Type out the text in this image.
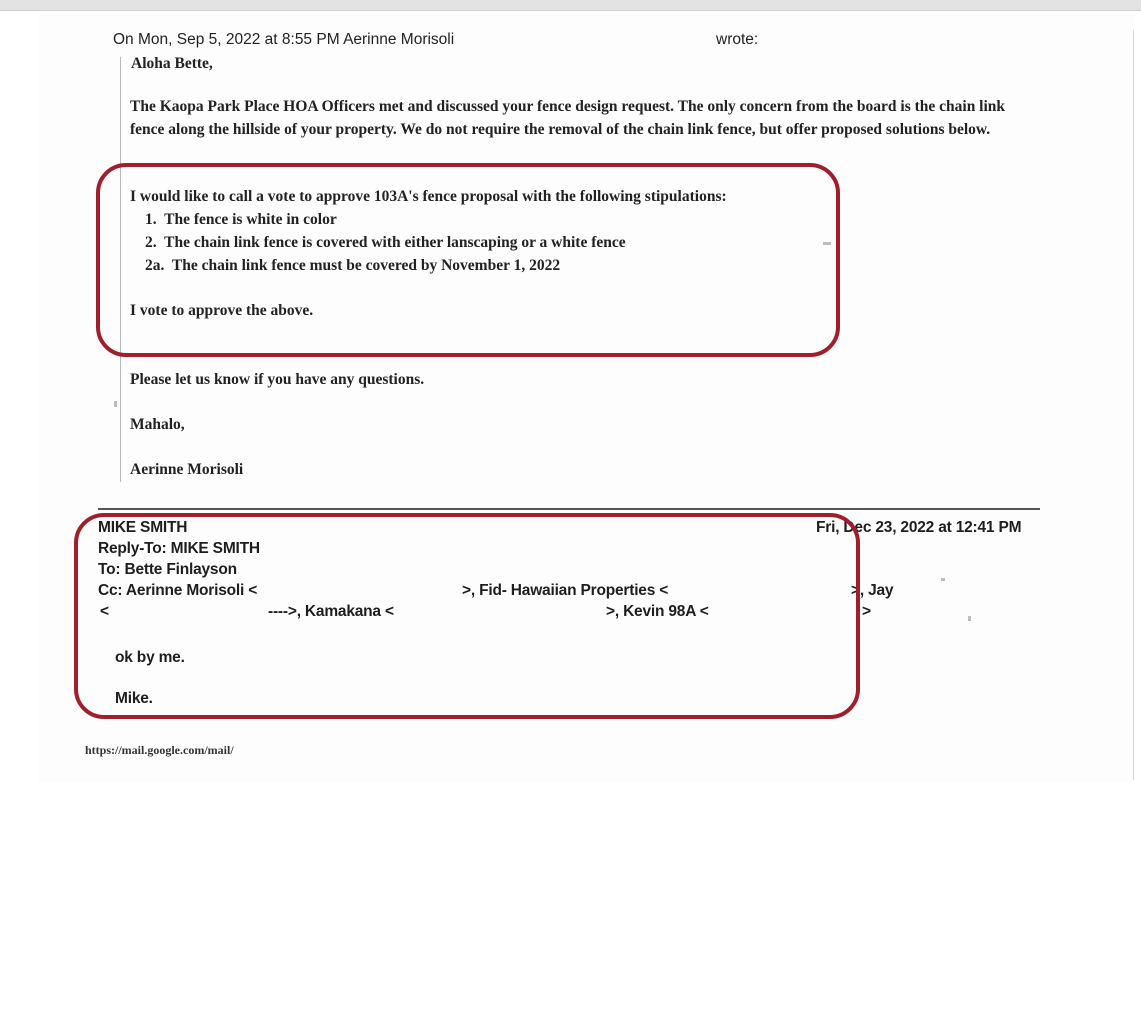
On Mon, Sep 5, 2022 at 8:55 PM Aerinne Morisoli	wrote:
Aloha Bette,
The Kaopa Park Place HOA Officers met and discussed your fence design request. The only concern from the board is the chain link fence along the hillside of your property. We do not require the removal of the chain link fence, but offer proposed solutions below.
I would like to call a vote to approve 103A's fence proposal with the following stipulations:
1. The fence is white in color
2. The chain link fence is covered with either lanscaping or a white fence
2a. The chain link fence must be covered by November 1, 2022
I vote to approve the above.
Please let us know if you have any questions.
Mahalo,
Aerinne Morisoli
MIKE SMITH	Fri, Dec 23, 2022 at 12:41 PM
Reply-To: MIKE SMITH
To: Bette Finlayson
Cc: Aerinne Morisoli <	>, Fid- Hawaiian Properties <	>, Jay
<	---->, Kamakana <	>, Kevin 98A <	>
ok by me.
Mike.
https://mail.google.com/mail/
